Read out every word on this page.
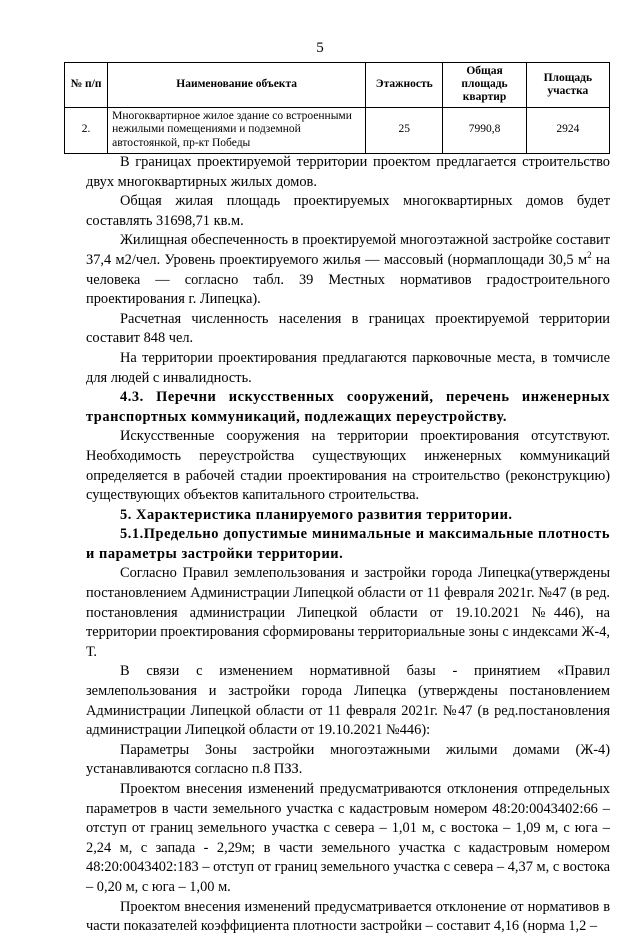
5
№ п/п	Наименование объекта	Этажность	Общая площадь квартир	Площадь участка
2.	Многоквартирное жилое здание со встроенными нежилыми помещениями и подземной автостоянкой, пр-кт Победы	25	7990,8	2924

В границах проектируемой территории проектом предлагается строительство двух многоквартирных жилых домов.

Общая жилая площадь проектируемых многоквартирных домов будет составлять 31698,71 кв.м.

Жилищная обеспеченность в проектируемой многоэтажной застройке составит 37,4 м2/чел. Уровень проектируемого жилья — массовый (нормаплощади 30,5 $м^2$ на человека — согласно табл. 39 Местных нормативов градостроительного проектирования г. Липецка).

Расчетная численность населения в границах проектируемой территории составит 848 чел.

На территории проектирования предлагаются парковочные места, в томчисле для людей с инвалидность.

4.3. Перечни искусственных сооружений, перечень инженерных транспортных коммуникаций, подлежащих переустройству.

Искусственные сооружения на территории проектирования отсутствуют. Необходимость переустройства существующих инженерных коммуникаций определяется в рабочей стадии проектирования на строительство (реконструкцию) существующих объектов капитального строительства.

5. Характеристика планируемого развития территории.

5.1.Предельно допустимые минимальные и максимальные плотность и параметры застройки территории.

Согласно Правил землепользования и застройки города Липецка(утверждены постановлением Администрации Липецкой области от 11 февраля 2021г. №47 (в ред. постановления администрации Липецкой области от 19.10.2021 №446), на территории проектирования сформированы территориальные зоны с индексами Ж-4, Т.

В связи с изменением нормативной базы - принятием «Правил землепользования и застройки города Липецка (утверждены постановлением Администрации Липецкой области от 11 февраля 2021г. №47 (в ред.постановления администрации Липецкой области от 19.10.2021 №446):

Параметры Зоны застройки многоэтажными жилыми домами (Ж-4) устанавливаются согласно п.8 ПЗЗ.

Проектом внесения изменений предусматриваются отклонения отпредельных параметров в части земельного участка с кадастровым номером 48:20:0043402:66 – отступ от границ земельного участка с севера – 1,01 м, с востока – 1,09 м, с юга – 2,24 м, с запада - 2,29м; в части земельного участка с кадастровым номером 48:20:0043402:183 – отступ от границ земельного участка с севера – 4,37 м, с востока – 0,20 м, с юга – 1,00 м.

Проектом внесения изменений предусматривается отклонение от нормативов в части показателей коэффициента плотности застройки – составит 4,16 (норма 1,2 –
